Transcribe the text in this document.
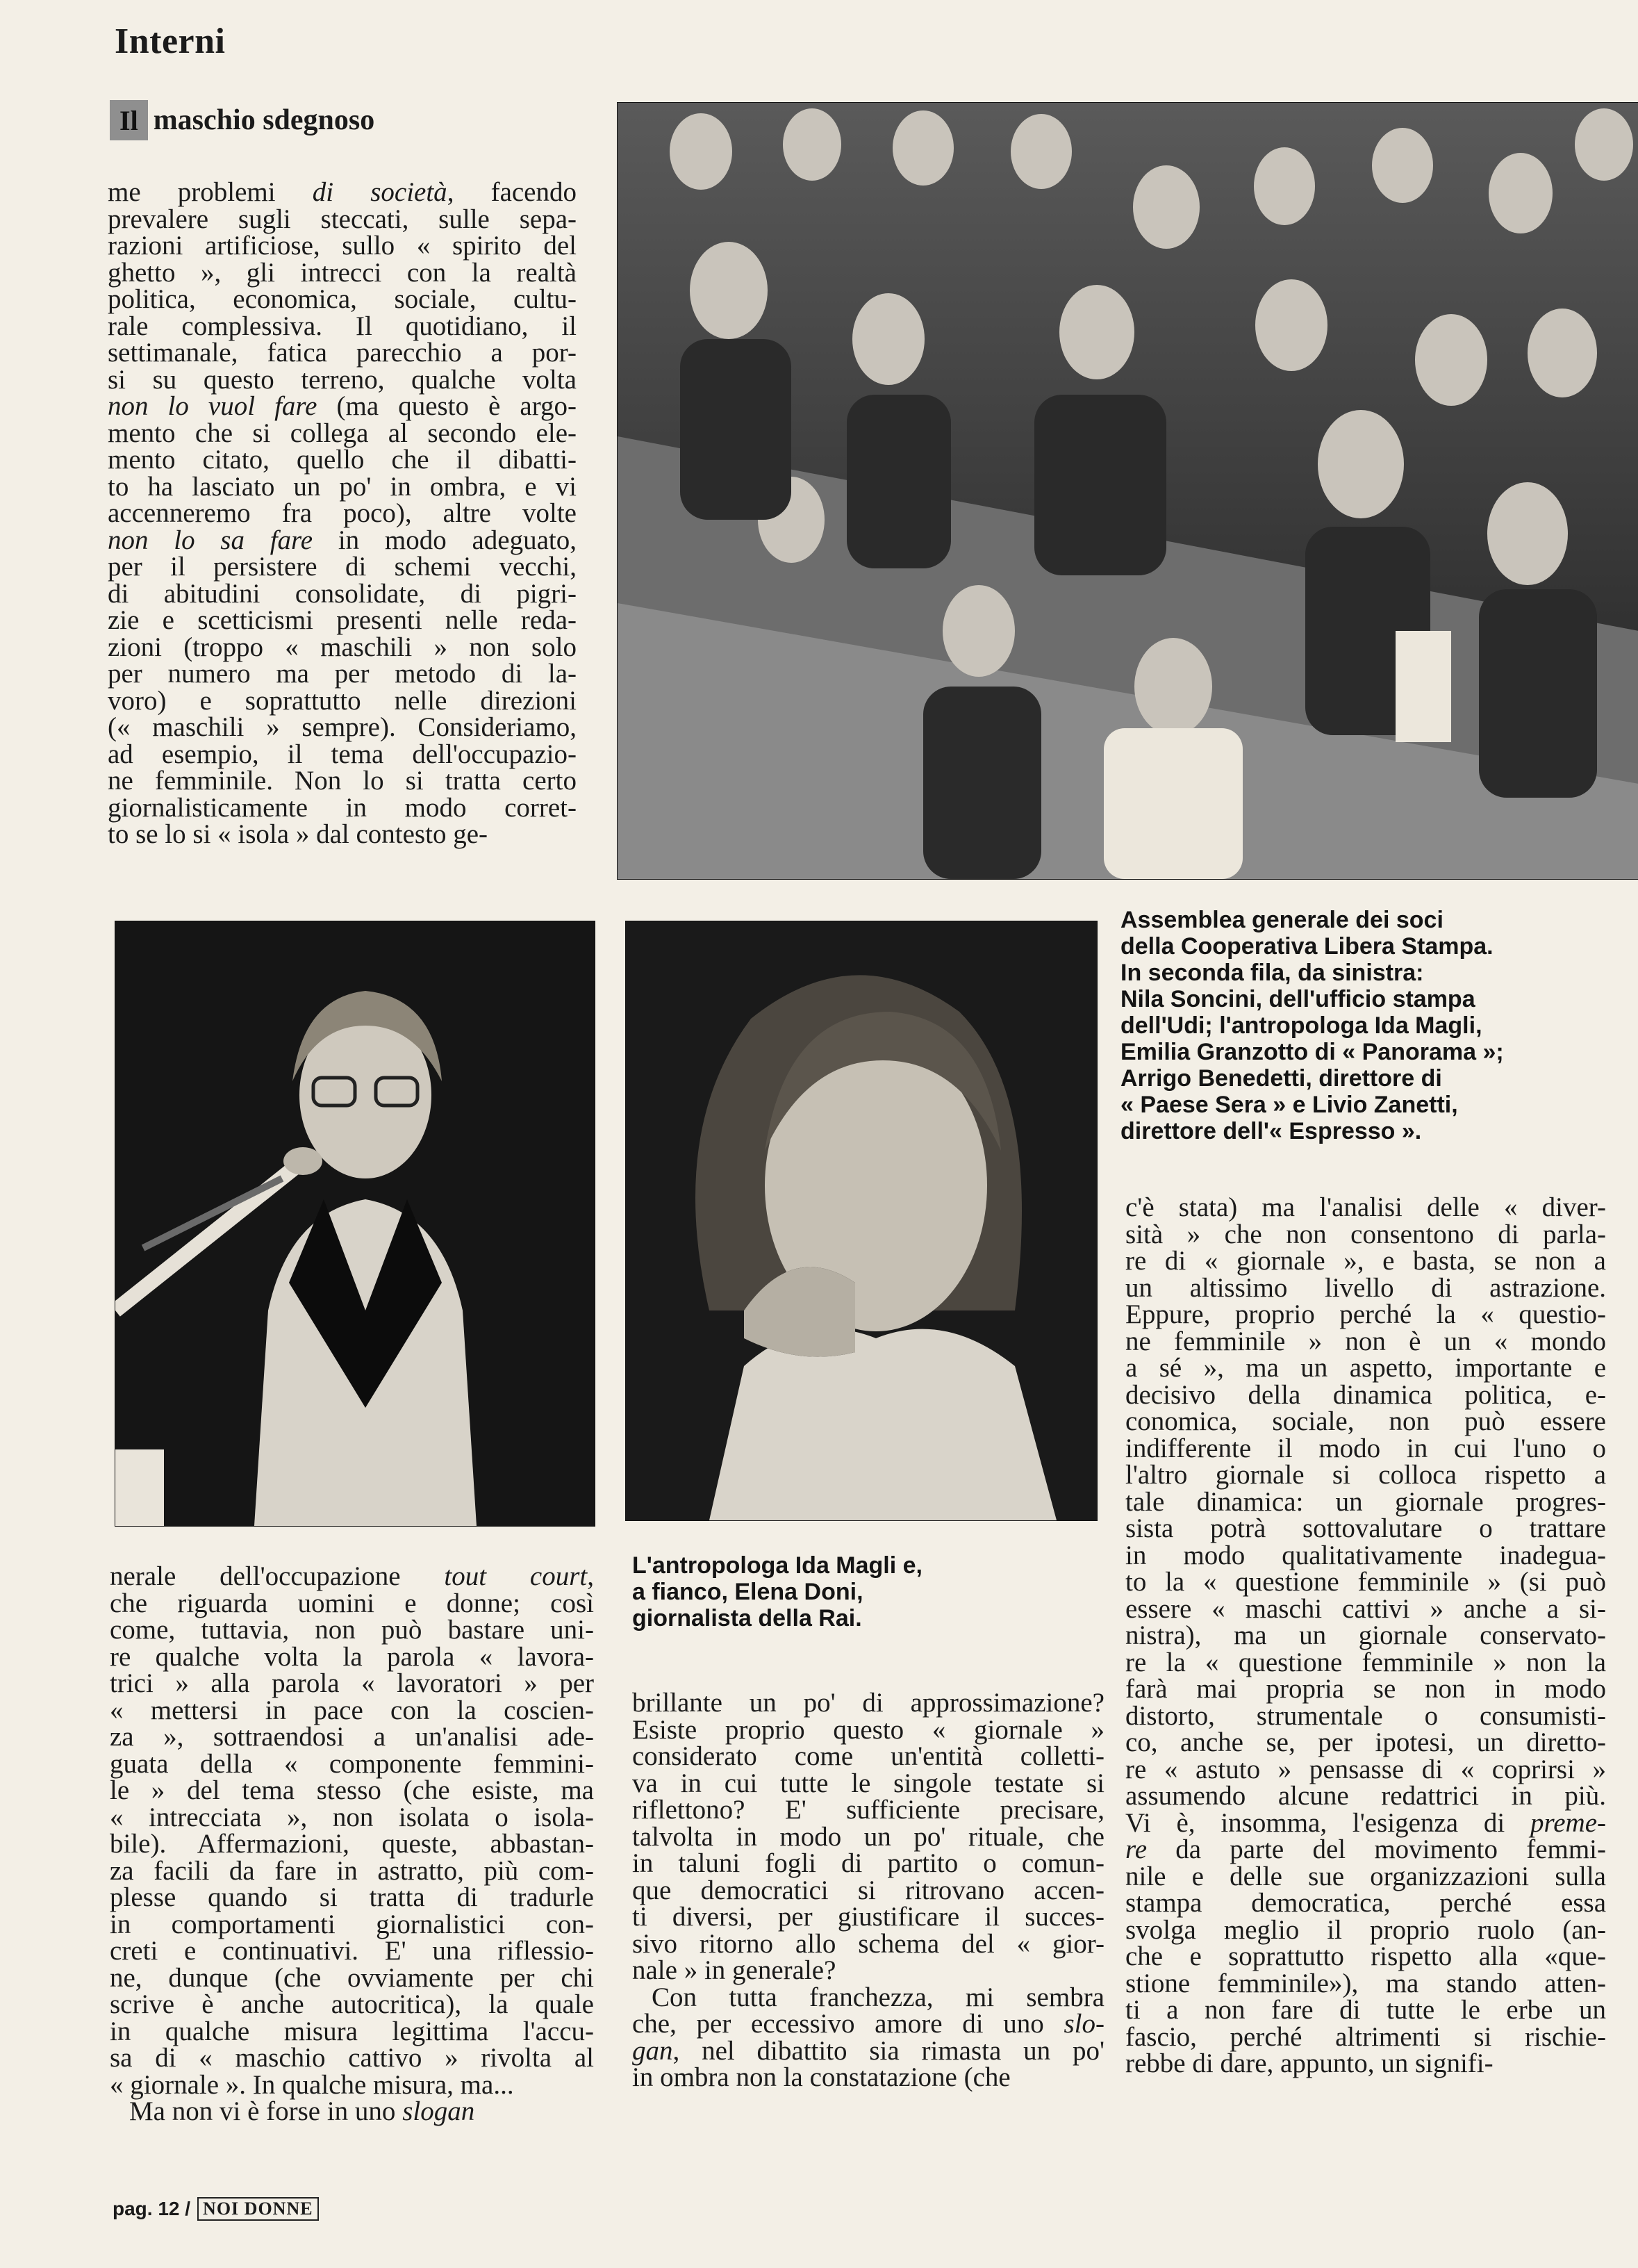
Interni
Il maschio sdegnoso

me problemi di società, facendo

prevalere sugli steccati, sulle sepa-

razioni artificiose, sullo « spirito del

ghetto », gli intrecci con la realtà

politica, economica, sociale, cultu-

rale complessiva. Il quotidiano, il

settimanale, fatica parecchio a por-

si su questo terreno, qualche volta

non lo vuol fare (ma questo è argo-

mento che si collega al secondo ele-

mento citato, quello che il dibatti-

to ha lasciato un po' in ombra, e vi

accenneremo fra poco), altre volte

non lo sa fare in modo adeguato,

per il persistere di schemi vecchi,

di abitudini consolidate, di pigri-

zie e scetticismi presenti nelle reda-

zioni (troppo « maschili » non solo

per numero ma per metodo di la-

voro) e soprattutto nelle direzioni

(« maschili » sempre). Consideriamo,

ad esempio, il tema dell'occupazio-

ne femminile. Non lo si tratta certo

giornalisticamente in modo corret-

to se lo si « isola » dal contesto ge-

Assemblea generale dei soci
della Cooperativa Libera Stampa.
In seconda fila, da sinistra:
Nila Soncini, dell'ufficio stampa
dell'Udi; l'antropologa Ida Magli,
Emilia Granzotto di « Panorama »;
Arrigo Benedetti, direttore di
« Paese Sera » e Livio Zanetti,
direttore dell'« Espresso ».
L'antropologa Ida Magli e,
a fianco, Elena Doni,
giornalista della Rai.

nerale dell'occupazione tout court,

che riguarda uomini e donne; così

come, tuttavia, non può bastare uni-

re qualche volta la parola « lavora-

trici » alla parola « lavoratori » per

« mettersi in pace con la coscien-

za », sottraendosi a un'analisi ade-

guata della « componente femmini-

le » del tema stesso (che esiste, ma

« intrecciata », non isolata o isola-

bile). Affermazioni, queste, abbastan-

za facili da fare in astratto, più com-

plesse quando si tratta di tradurle

in comportamenti giornalistici con-

creti e continuativi. E' una riflessio-

ne, dunque (che ovviamente per chi

scrive è anche autocritica), la quale

in qualche misura legittima l'accu-

sa di « maschio cattivo » rivolta al

« giornale ». In qualche misura, ma...

Ma non vi è forse in uno slogan

brillante un po' di approssimazione?

Esiste proprio questo « giornale »

considerato come un'entità colletti-

va in cui tutte le singole testate si

riflettono? E' sufficiente precisare,

talvolta in modo un po' rituale, che

in taluni fogli di partito o comun-

que democratici si ritrovano accen-

ti diversi, per giustificare il succes-

sivo ritorno allo schema del « gior-

nale » in generale?

Con tutta franchezza, mi sembra

che, per eccessivo amore di uno slo-

gan, nel dibattito sia rimasta un po'

in ombra non la constatazione (che

c'è stata) ma l'analisi delle « diver-

sità » che non consentono di parla-

re di « giornale », e basta, se non a

un altissimo livello di astrazione.

Eppure, proprio perché la « questio-

ne femminile » non è un « mondo

a sé », ma un aspetto, importante e

decisivo della dinamica politica, e-

conomica, sociale, non può essere

indifferente il modo in cui l'uno o

l'altro giornale si colloca rispetto a

tale dinamica: un giornale progres-

sista potrà sottovalutare o trattare

in modo qualitativamente inadegua-

to la « questione femminile » (si può

essere « maschi cattivi » anche a si-

nistra), ma un giornale conservato-

re la « questione femminile » non la

farà mai propria se non in modo

distorto, strumentale o consumisti-

co, anche se, per ipotesi, un direttο-

re « astuto » pensasse di « coprirsi »

assumendo alcune redattrici in più.

Vi è, insomma, l'esigenza di preme-

re da parte del movimento femmi-

nile e delle sue organizzazioni sulla

stampa democratica, perché essa

svolga meglio il proprio ruolo (an-

che e soprattutto rispetto alla «que-

stione femminile»), ma stando atten-

ti a non fare di tutte le erbe un

fascio, perché altrimenti si rischie-

rebbe di dare, appunto, un signifi-

pag. 12 / NOI DONNE
